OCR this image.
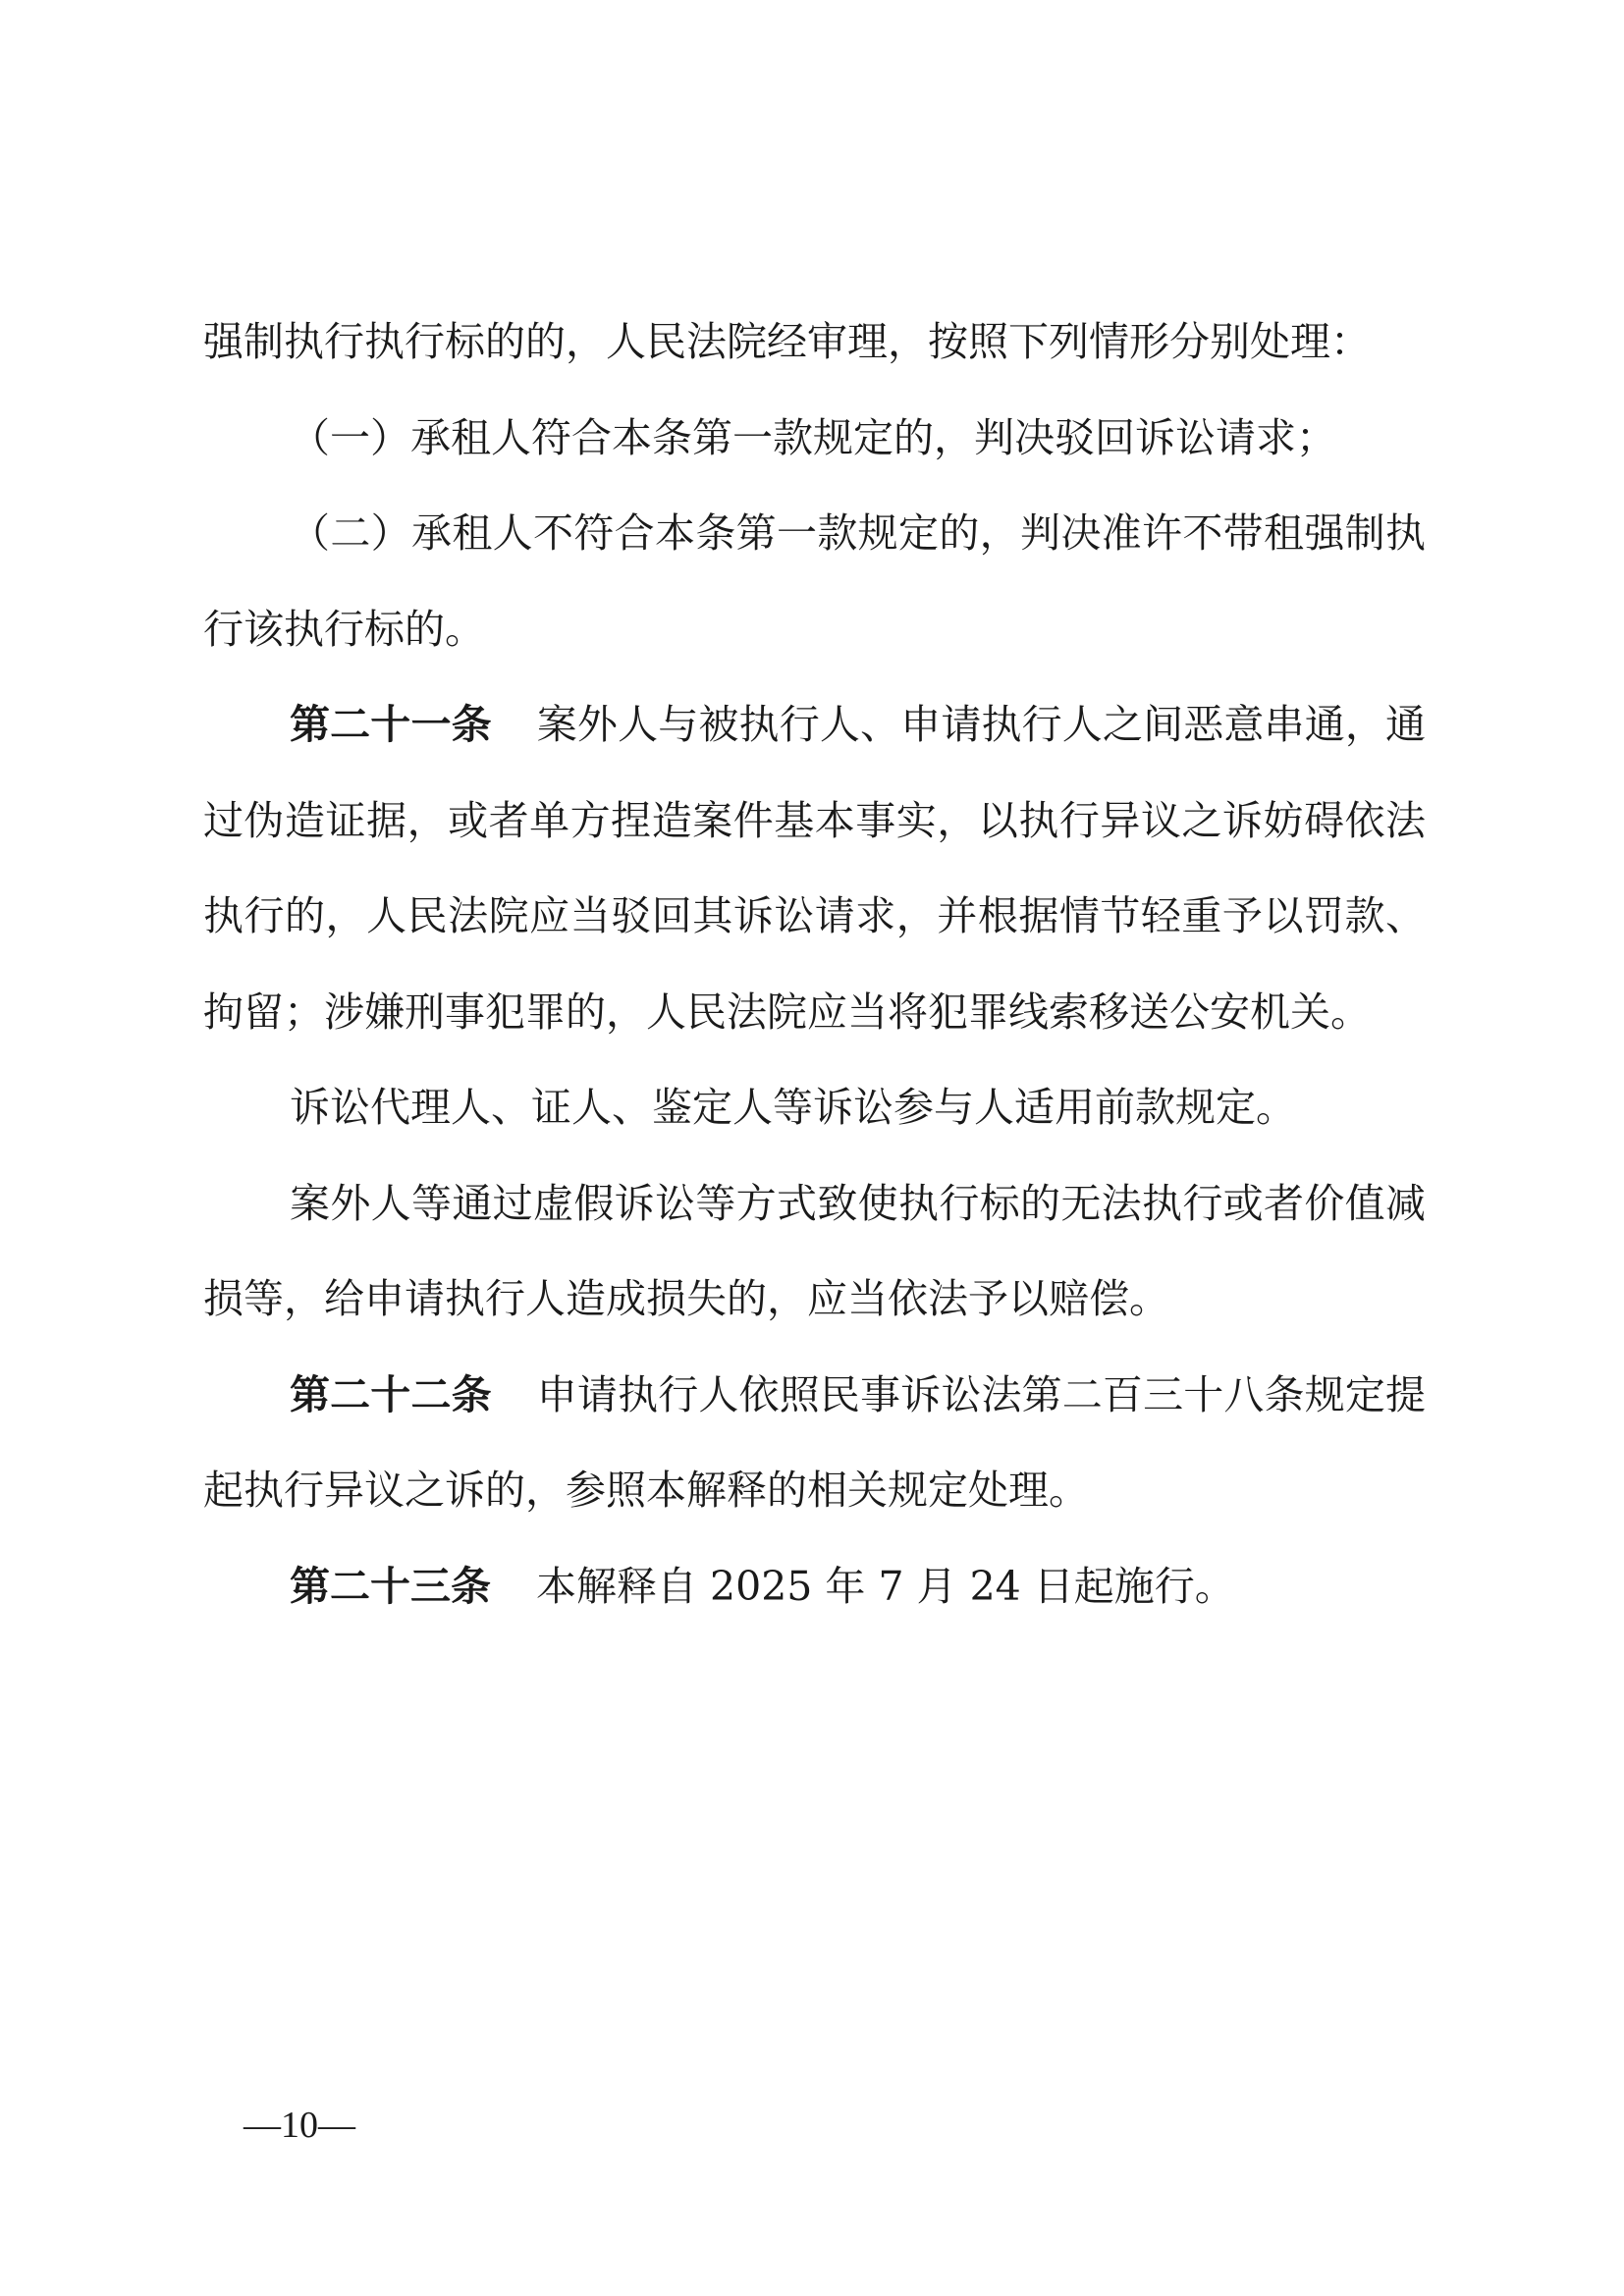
强制执行执行标的的，人民法院经审理，按照下列情形分别处理：

（一）承租人符合本条第一款规定的，判决驳回诉讼请求；

（二）承租人不符合本条第一款规定的，判决准许不带租强制执行该执行标的。

第二十一条 案外人与被执行人、申请执行人之间恶意串通，通过伪造证据，或者单方捏造案件基本事实，以执行异议之诉妨碍依法执行的，人民法院应当驳回其诉讼请求，并根据情节轻重予以罚款、拘留；涉嫌刑事犯罪的，人民法院应当将犯罪线索移送公安机关。

诉讼代理人、证人、鉴定人等诉讼参与人适用前款规定。

案外人等通过虚假诉讼等方式致使执行标的无法执行或者价值减损等，给申请执行人造成损失的，应当依法予以赔偿。

第二十二条 申请执行人依照民事诉讼法第二百三十八条规定提起执行异议之诉的，参照本解释的相关规定处理。

第二十三条 本解释自 2025 年 7 月 24 日起施行。

—10—
